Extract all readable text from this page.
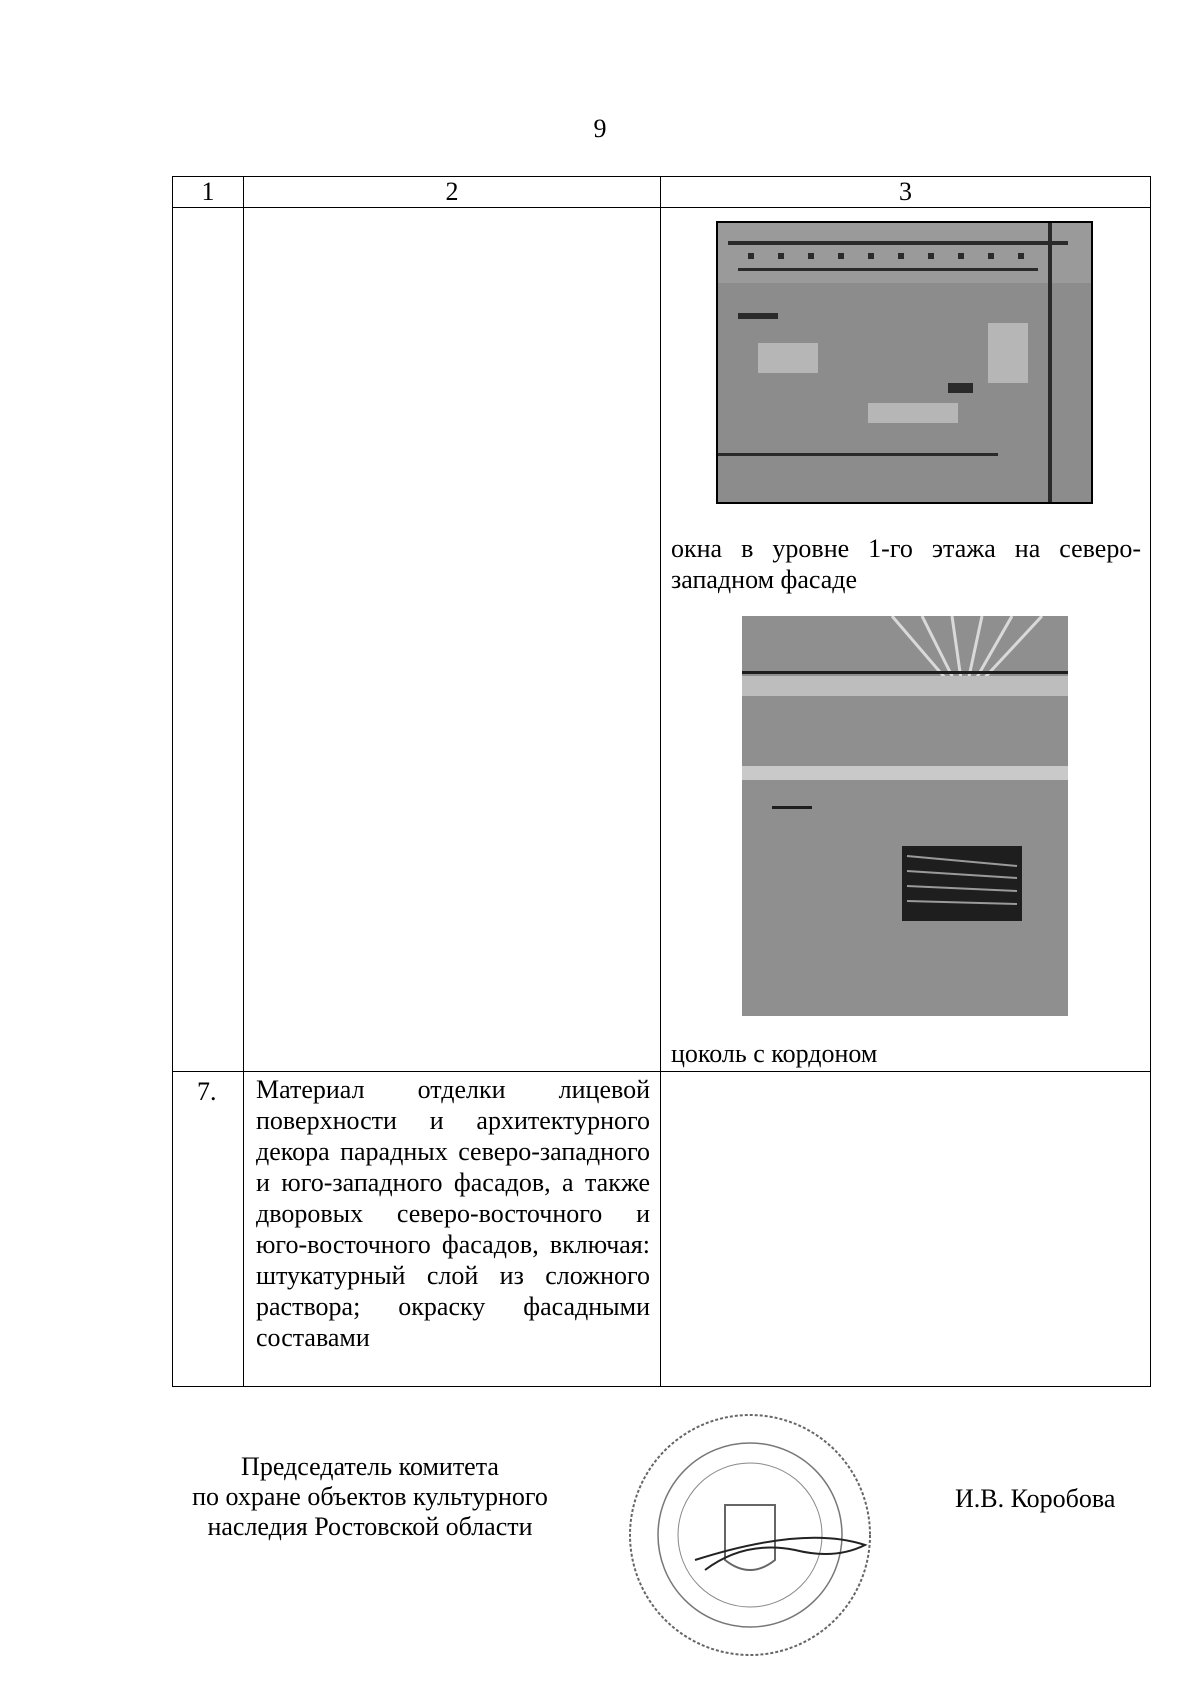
9
1	2	3

		окна в уровне 1-го этажа на северо-западном фасаде
цоколь с кордоном

7.	Материал отделки лицевой поверхности и архитектурного декора парадных северо-западного и юго-западного фасадов, а также дворовых северо-восточного и юго-восточного фасадов, включая: штукатурный слой из сложного раствора; окраску фасадными составами	
Председатель комитета
по охране объектов культурного
наследия Ростовской области
И.В. Коробова
